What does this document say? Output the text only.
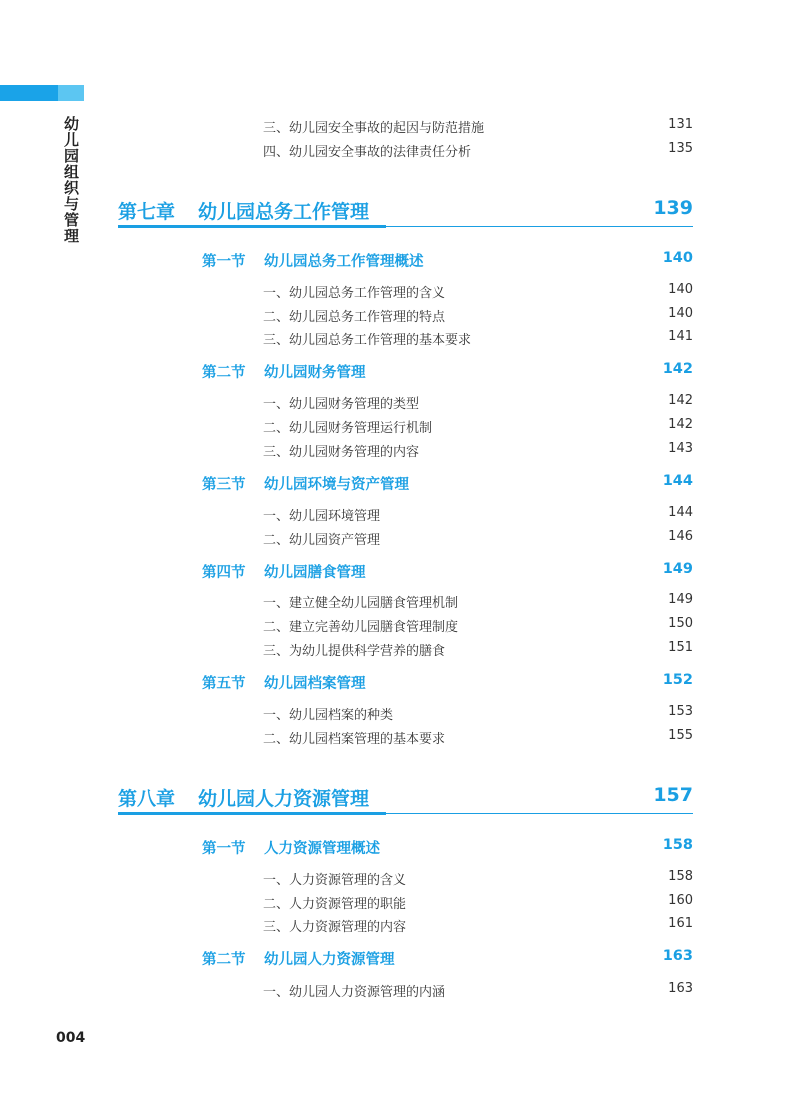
幼儿园组织与管理
004
三、幼儿园安全事故的起因与防范措施	131
四、幼儿园安全事故的法律责任分析	135
第七章 幼儿园总务工作管理	139
第一节 幼儿园总务工作管理概述	140
一、幼儿园总务工作管理的含义	140
二、幼儿园总务工作管理的特点	140
三、幼儿园总务工作管理的基本要求	141
第二节 幼儿园财务管理	142
一、幼儿园财务管理的类型	142
二、幼儿园财务管理运行机制	142
三、幼儿园财务管理的内容	143
第三节 幼儿园环境与资产管理	144
一、幼儿园环境管理	144
二、幼儿园资产管理	146
第四节 幼儿园膳食管理	149
一、建立健全幼儿园膳食管理机制	149
二、建立完善幼儿园膳食管理制度	150
三、为幼儿提供科学营养的膳食	151
第五节 幼儿园档案管理	152
一、幼儿园档案的种类	153
二、幼儿园档案管理的基本要求	155
第八章 幼儿园人力资源管理	157
第一节 人力资源管理概述	158
一、人力资源管理的含义	158
二、人力资源管理的职能	160
三、人力资源管理的内容	161
第二节 幼儿园人力资源管理	163
一、幼儿园人力资源管理的内涵	163
